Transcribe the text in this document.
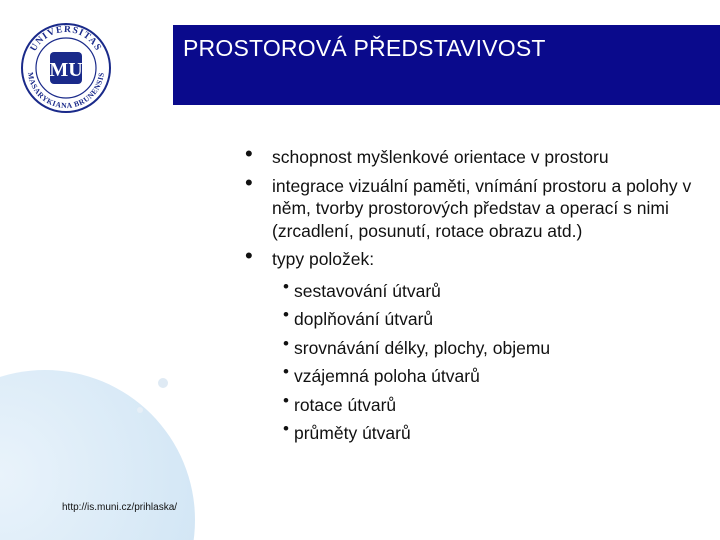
UNIVERSITAS
MASARYKIANA BRUNENSIS
MU
PROSTOROVÁ PŘEDSTAVIVOST
• schopnost myšlenkové orientace v prostoru
• integrace vizuální paměti, vnímání prostoru a polohy v něm, tvorby prostorových představ a operací s nimi (zrcadlení, posunutí, rotace obrazu atd.)
• typy položek:
• sestavování útvarů
• doplňování útvarů
• srovnávání délky, plochy, objemu
• vzájemná poloha útvarů
• rotace útvarů
• průměty útvarů
http://is.muni.cz/prihlaska/
